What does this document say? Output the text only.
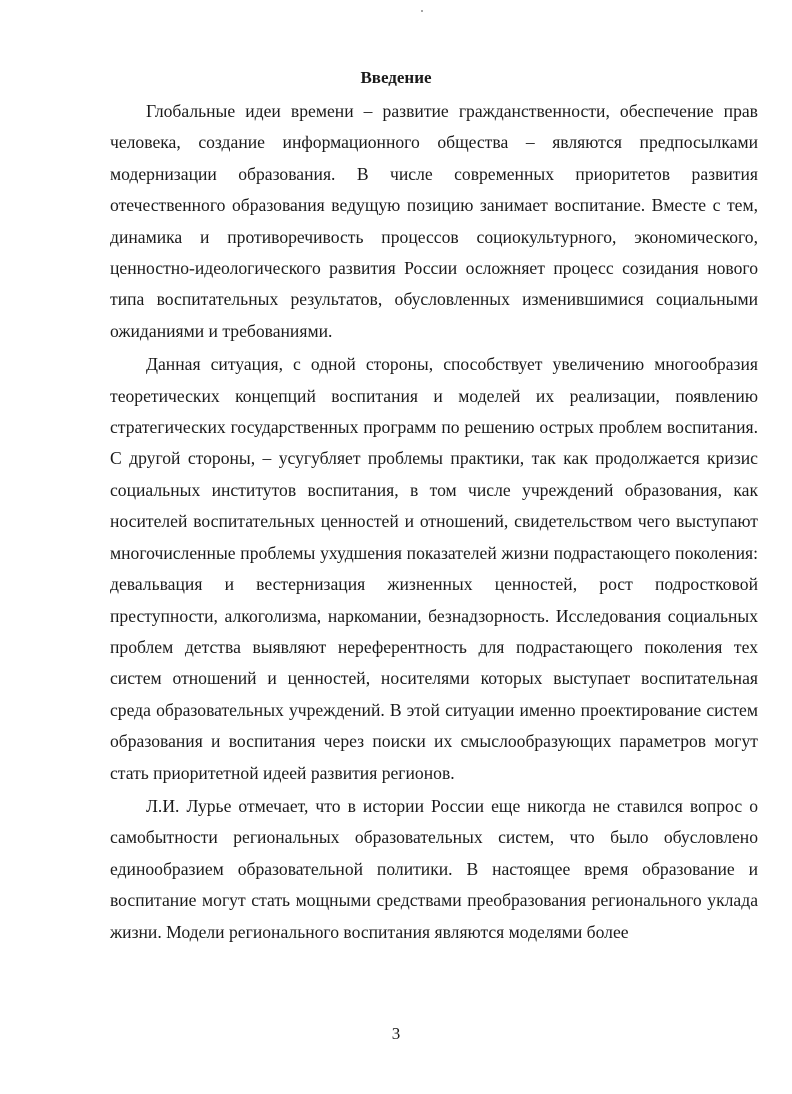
Введение

Глобальные идеи времени – развитие гражданственности, обеспечение прав человека, создание информационного общества – являются предпосылками модернизации образования. В числе современных приоритетов развития отечественного образования ведущую позицию занимает воспитание. Вместе с тем, динамика и противоречивость процессов социокультурного, экономического, ценностно-идеологического развития России осложняет процесс созидания нового типа воспитательных результатов, обусловленных изменившимися социальными ожиданиями и требованиями.

Данная ситуация, с одной стороны, способствует увеличению многообразия теоретических концепций воспитания и моделей их реализации, появлению стратегических государственных программ по решению острых проблем воспитания. С другой стороны, – усугубляет проблемы практики, так как продолжается кризис социальных институтов воспитания, в том числе учреждений образования, как носителей воспитательных ценностей и отношений, свидетельством чего выступают многочисленные проблемы ухудшения показателей жизни подрастающего поколения: девальвация и вестернизация жизненных ценностей, рост подростковой преступности, алкоголизма, наркомании, безнадзорность. Исследования социальных проблем детства выявляют нереферентность для подрастающего поколения тех систем отношений и ценностей, носителями которых выступает воспитательная среда образовательных учреждений. В этой ситуации именно проектирование систем образования и воспитания через поиски их смыслообразующих параметров могут стать приоритетной идеей развития регионов.

Л.И. Лурье отмечает, что в истории России еще никогда не ставился вопрос о самобытности региональных образовательных систем, что было обусловлено единообразием образовательной политики. В настоящее время образование и воспитание могут стать мощными средствами преобразования регионального уклада жизни. Модели регионального воспитания являются моделями более

3
